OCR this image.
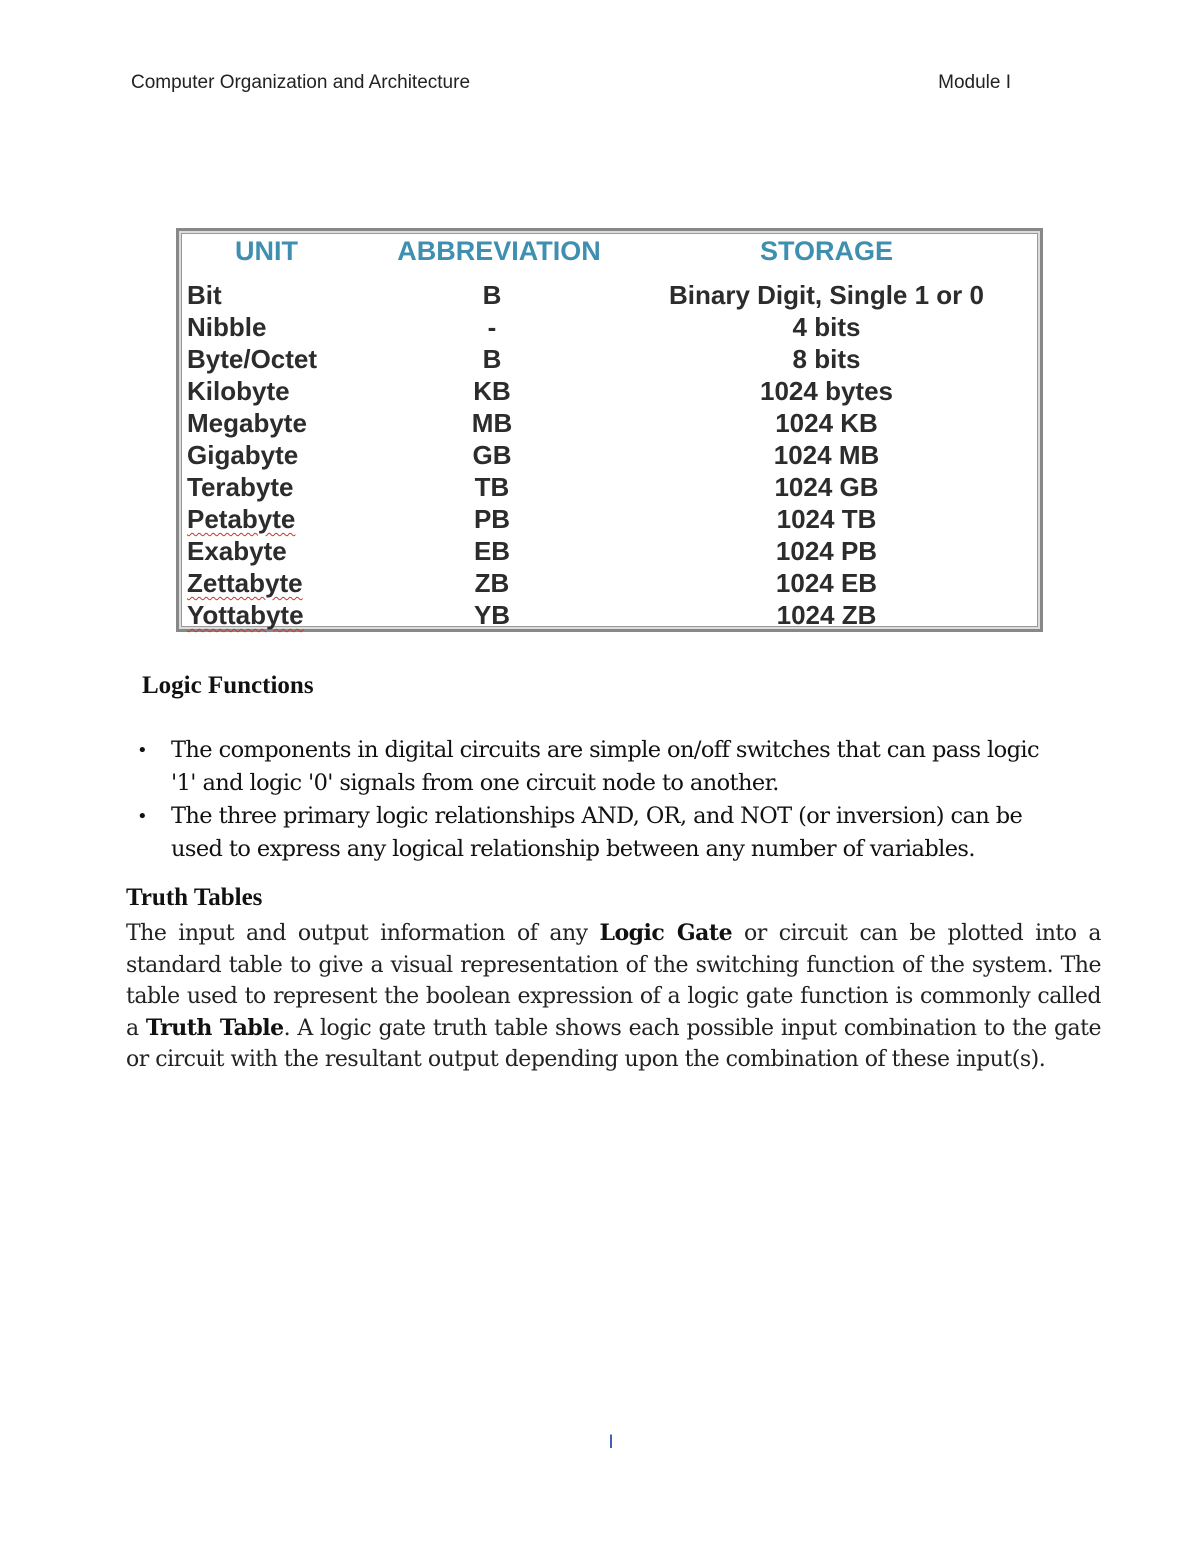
Computer Organization and Architecture	Module I
UNIT	ABBREVIATION	STORAGE

Bit	B	Binary Digit, Single 1 or 0
Nibble	-	4 bits
Byte/Octet	B	8 bits
Kilobyte	KB	1024 bytes
Megabyte	MB	1024 KB
Gigabyte	GB	1024 MB
Terabyte	TB	1024 GB
Petabyte	PB	1024 TB
Exabyte	EB	1024 PB
Zettabyte	ZB	1024 EB
Yottabyte	YB	1024 ZB
Logic Functions
• The components in digital circuits are simple on/off switches that can pass logic '1' and logic '0' signals from one circuit node to another.
• The three primary logic relationships AND, OR, and NOT (or inversion) can be used to express any logical relationship between any number of variables.
Truth Tables

The input and output information of any Logic Gate or circuit can be plotted into a standard table to give a visual representation of the switching function of the system. The table used to represent the boolean expression of a logic gate function is commonly called a Truth Table. A logic gate truth table shows each possible input combination to the gate or circuit with the resultant output depending upon the combination of these input(s).

I
